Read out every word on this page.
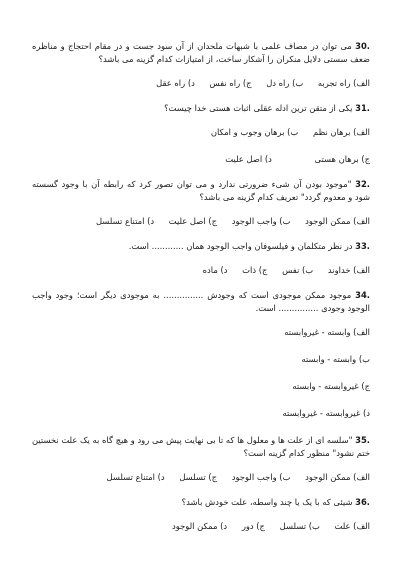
30. می توان در مصاف علمی با شبهات ملحدان از آن سود جست و در مقام احتجاج و مناظره ضعف سستی دلایل منکران را آشکار ساخت، از امتیازات کدام گزینه می باشد؟
الف) راه تجربه ب) راه دل ج) راه نفس د) راه عقل
31. یکی از متقن ترین ادله عقلی اثبات هستی خدا چیست؟
الف) برهان نظم ب) برهان وجوب و امکان
ج) برهان هستی د) اصل علیت
32. "موجود بودن آن شیء ضرورتی ندارد و می توان تصور کرد که رابطه آن با وجود گسسته شود و معدوم گردد" تعریف کدام گزینه می باشد؟
الف) ممکن الوجود ب) واجب الوجود ج) اصل علیت د) امتناع تسلسل
33. در نظر متکلمان و فیلسوفان واجب الوجود همان ............ است.
الف) خداوند ب) نفس ج) ذات د) ماده
34. موجود ممکن موجودی است که وجودش ............... به موجودی دیگر است؛ وجود واجب الوجود وجودی ............... است.
الف) وابسته - غیروابسته
ب) وابسته - وابسته
ج) غیروابسته - وابسته
د) غیروابسته - غیروابسته
35. "سلسه ای از علت ها و معلول ها که تا بی نهایت پیش می رود و هیچ گاه به یک علت نخستین ختم نشود" منظور کدام گزینه است؟
الف) ممکن الوجود ب) واجب الوجود ج) تسلسل د) امتناع تسلسل
36. شیئی که با یک یا چند واسطه، علت خودش باشد؟
الف) علت ب) تسلسل ج) دور د) ممکن الوجود
